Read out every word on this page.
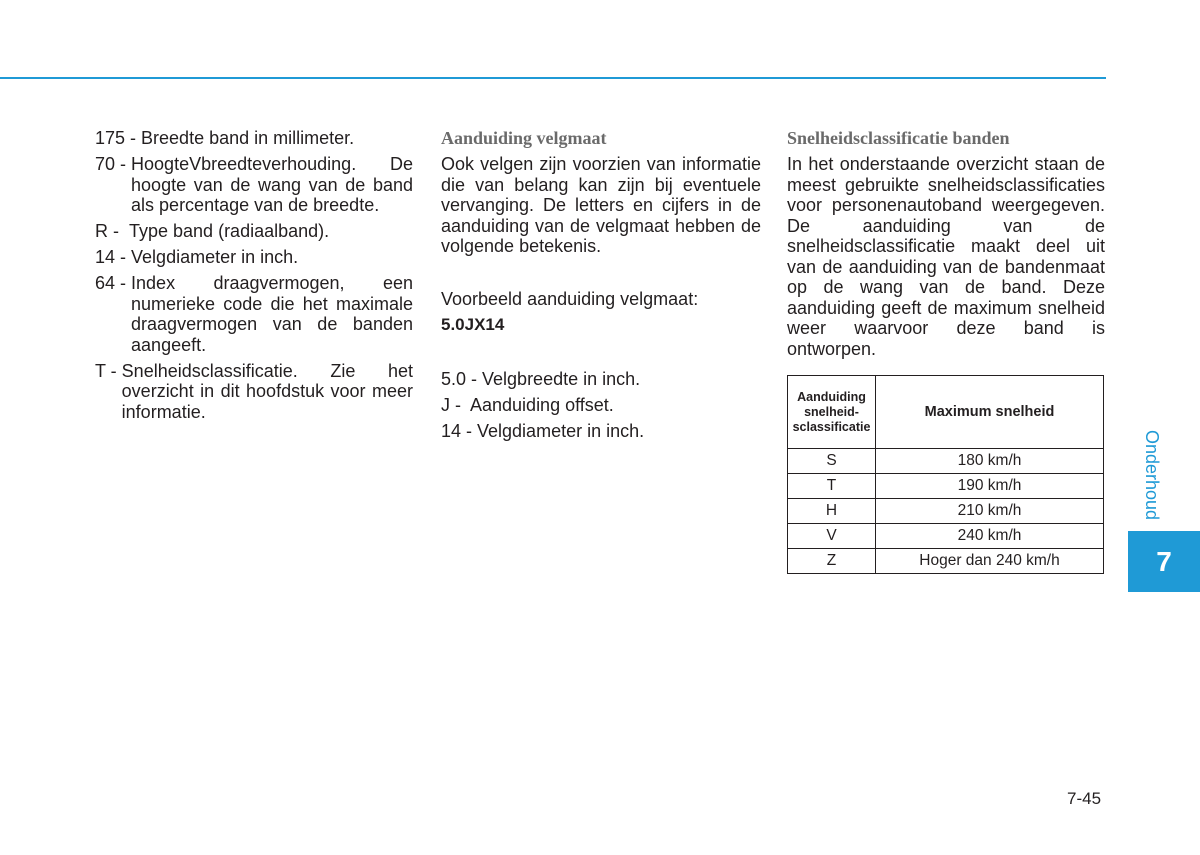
175 - Breedte band in millimeter.
70 - HoogteVbreedteverhouding. De hoogte van de wang van de band als percentage van de breedte.
R - Type band (radiaalband).
14 - Velgdiameter in inch.
64 - Index draagvermogen, een numerieke code die het maximale draagvermogen van de banden aangeeft.
T - Snelheidsclassificatie. Zie het overzicht in dit hoofdstuk voor meer informatie.

Aanduiding velgmaat

Ook velgen zijn voorzien van informatie die van belang kan zijn bij eventuele vervanging. De letters en cijfers in de aanduiding van de velgmaat hebben de volgende betekenis.

Voorbeeld aanduiding velgmaat:

5.0JX14

5.0 - Velgbreedte in inch.

J -  Aanduiding offset.

14 - Velgdiameter in inch.

Snelheidsclassificatie banden

In het onderstaande overzicht staan de meest gebruikte snelheidsclassificaties voor personenautoband weergegeven. De aanduiding van de snelheidsclassificatie maakt deel uit van de aanduiding van de bandenmaat op de wang van de band. Deze aanduiding geeft de maximum snelheid weer waarvoor deze band is ontworpen.

Aanduiding snelheid-sclassificatie	Maximum snelheid
S	180 km/h
T	190 km/h
H	210 km/h
V	240 km/h
Z	Hoger dan 240 km/h
Onderhoud
7
7-45
